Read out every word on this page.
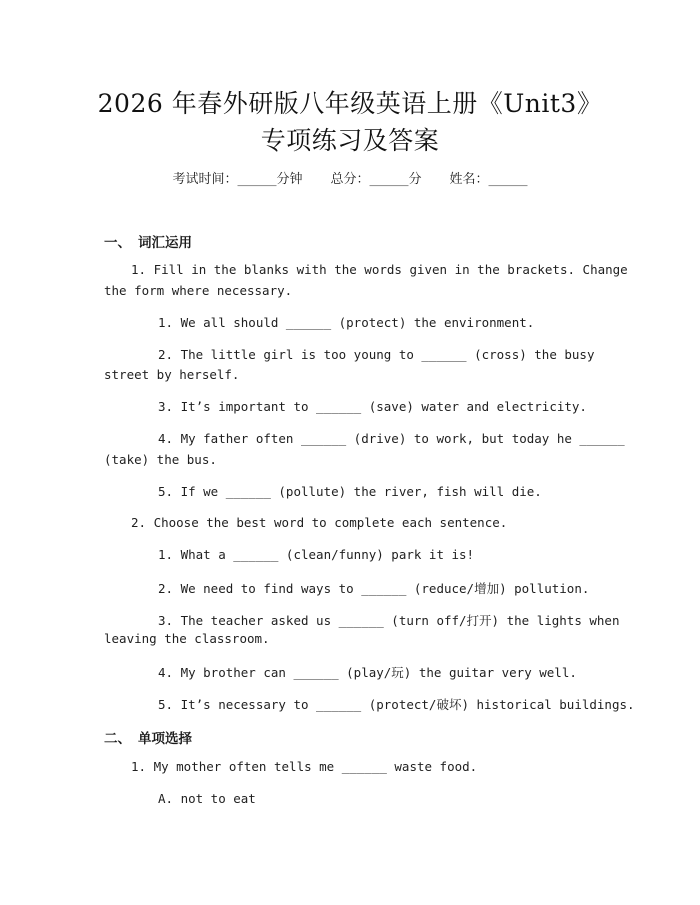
2026 年春外研版八年级英语上册《Unit3》
专项练习及答案
考试时间：______分钟 总分：______分 姓名：______
一、 词汇运用
1. Fill in the blanks with the words given in the brackets. Change
the form where necessary.
1. We all should ______ (protect) the environment.
2. The little girl is too young to ______ (cross) the busy
street by herself.
3. It’s important to ______ (save) water and electricity.
4. My father often ______ (drive) to work, but today he ______
(take) the bus.
5. If we ______ (pollute) the river, fish will die.
2. Choose the best word to complete each sentence.
1. What a ______ (clean/funny) park it is!
2. We need to find ways to ______ (reduce/增加) pollution.
3. The teacher asked us ______ (turn off/打开) the lights when
leaving the classroom.
4. My brother can ______ (play/玩) the guitar very well.
5. It’s necessary to ______ (protect/破坏) historical buildings.
二、 单项选择
1. My mother often tells me ______ waste food.
A. not to eat
